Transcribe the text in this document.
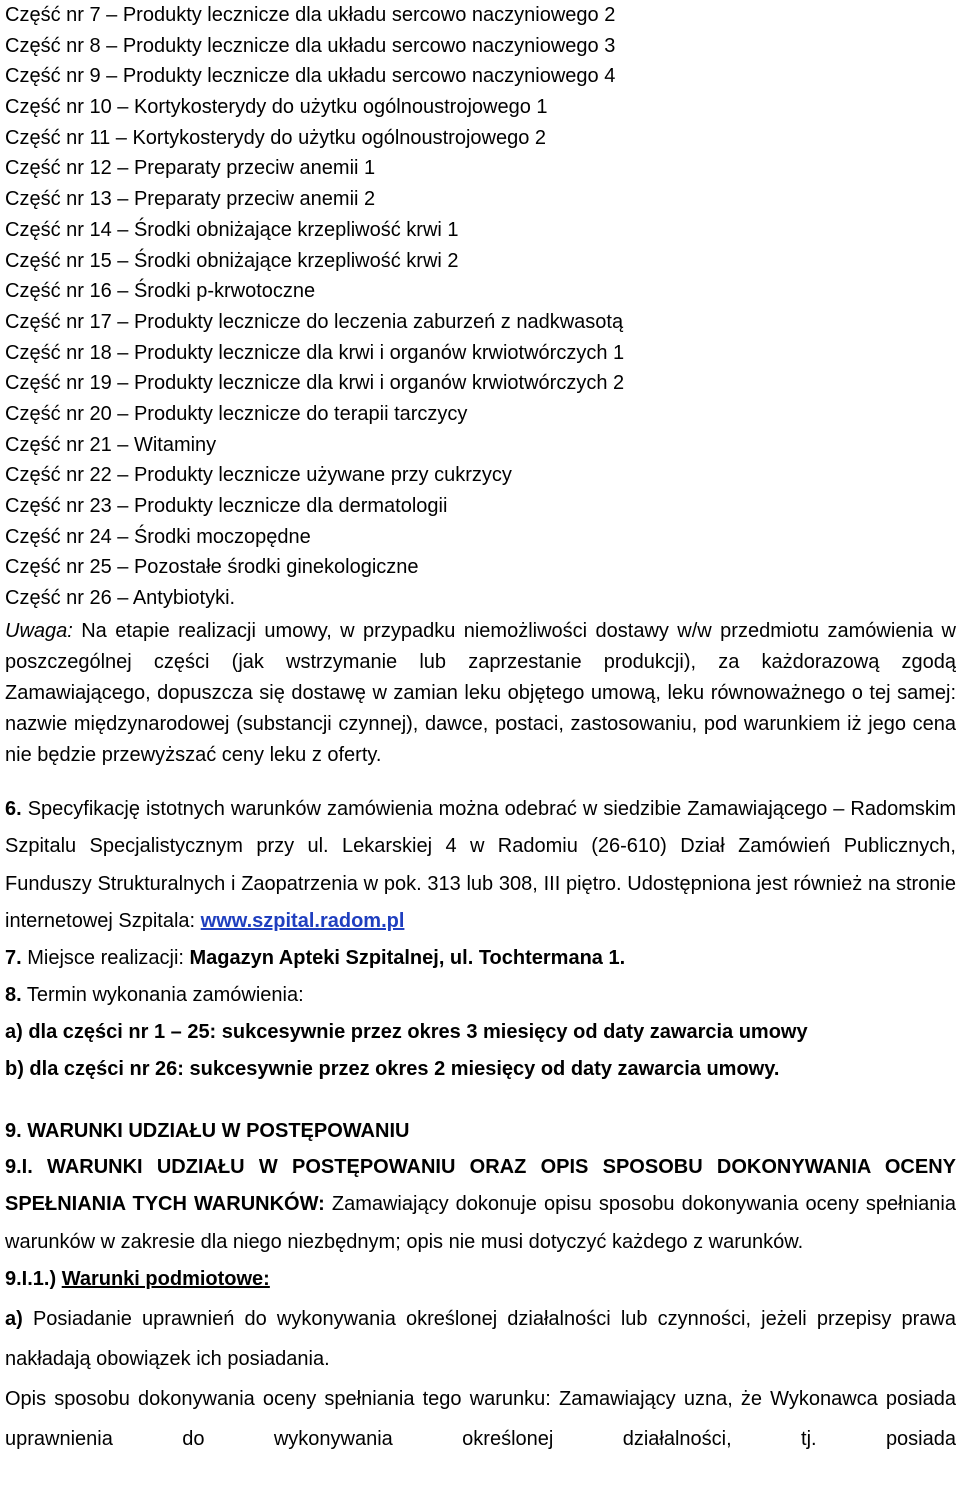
Część nr 7 – Produkty lecznicze dla układu sercowo naczyniowego 2
Część nr 8 – Produkty lecznicze dla układu sercowo naczyniowego 3
Część nr 9 – Produkty lecznicze dla układu sercowo naczyniowego 4
Część nr 10 – Kortykosterydy do użytku ogólnoustrojowego 1
Część nr 11 – Kortykosterydy do użytku ogólnoustrojowego 2
Część nr 12 – Preparaty przeciw anemii 1
Część nr 13 – Preparaty przeciw anemii 2
Część nr 14 – Środki obniżające krzepliwość krwi 1
Część nr 15 – Środki obniżające krzepliwość krwi 2
Część nr 16 – Środki p-krwotoczne
Część nr 17 – Produkty lecznicze do leczenia zaburzeń z nadkwasotą
Część nr 18 – Produkty lecznicze dla krwi i organów krwiotwórczych 1
Część nr 19 – Produkty lecznicze dla krwi i organów krwiotwórczych 2
Część nr 20 – Produkty lecznicze do terapii tarczycy
Część nr 21 – Witaminy
Część nr 22 – Produkty lecznicze używane przy cukrzycy
Część nr 23 – Produkty lecznicze dla dermatologii
Część nr 24 – Środki moczopędne
Część nr 25 – Pozostałe środki ginekologiczne
Część nr 26 – Antybiotyki.

Uwaga: Na etapie realizacji umowy, w przypadku niemożliwości dostawy w/w przedmiotu zamówienia w poszczególnej części (jak wstrzymanie lub zaprzestanie produkcji), za każdorazową zgodą Zamawiającego, dopuszcza się dostawę w zamian leku objętego umową, leku równoważnego o tej samej: nazwie międzynarodowej (substancji czynnej), dawce, postaci, zastosowaniu, pod warunkiem iż jego cena nie będzie przewyższać ceny leku z oferty.

6. Specyfikację istotnych warunków zamówienia można odebrać w siedzibie Zamawiającego – Radomskim Szpitalu Specjalistycznym przy ul. Lekarskiej 4 w Radomiu (26-610) Dział Zamówień Publicznych, Funduszy Strukturalnych i Zaopatrzenia w pok. 313 lub 308, III piętro. Udostępniona jest również na stronie internetowej Szpitala: www.szpital.radom.pl

7. Miejsce realizacji: Magazyn Apteki Szpitalnej, ul. Tochtermana 1.

8. Termin wykonania zamówienia:

a) dla części nr 1 – 25: sukcesywnie przez okres 3 miesięcy od daty zawarcia umowy

b) dla części nr 26: sukcesywnie przez okres 2 miesięcy od daty zawarcia umowy.

9. WARUNKI UDZIAŁU W POSTĘPOWANIU

9.I. WARUNKI UDZIAŁU W POSTĘPOWANIU ORAZ OPIS SPOSOBU DOKONYWANIA OCENY SPEŁNIANIA TYCH WARUNKÓW: Zamawiający dokonuje opisu sposobu dokonywania oceny spełniania warunków w zakresie dla niego niezbędnym; opis nie musi dotyczyć każdego z warunków.

9.I.1.) Warunki podmiotowe:

a) Posiadanie uprawnień do wykonywania określonej działalności lub czynności, jeżeli przepisy prawa nakładają obowiązek ich posiadania.

Opis sposobu dokonywania oceny spełniania tego warunku: Zamawiający uzna, że Wykonawca posiada uprawnienia do wykonywania określonej działalności, tj. posiada
